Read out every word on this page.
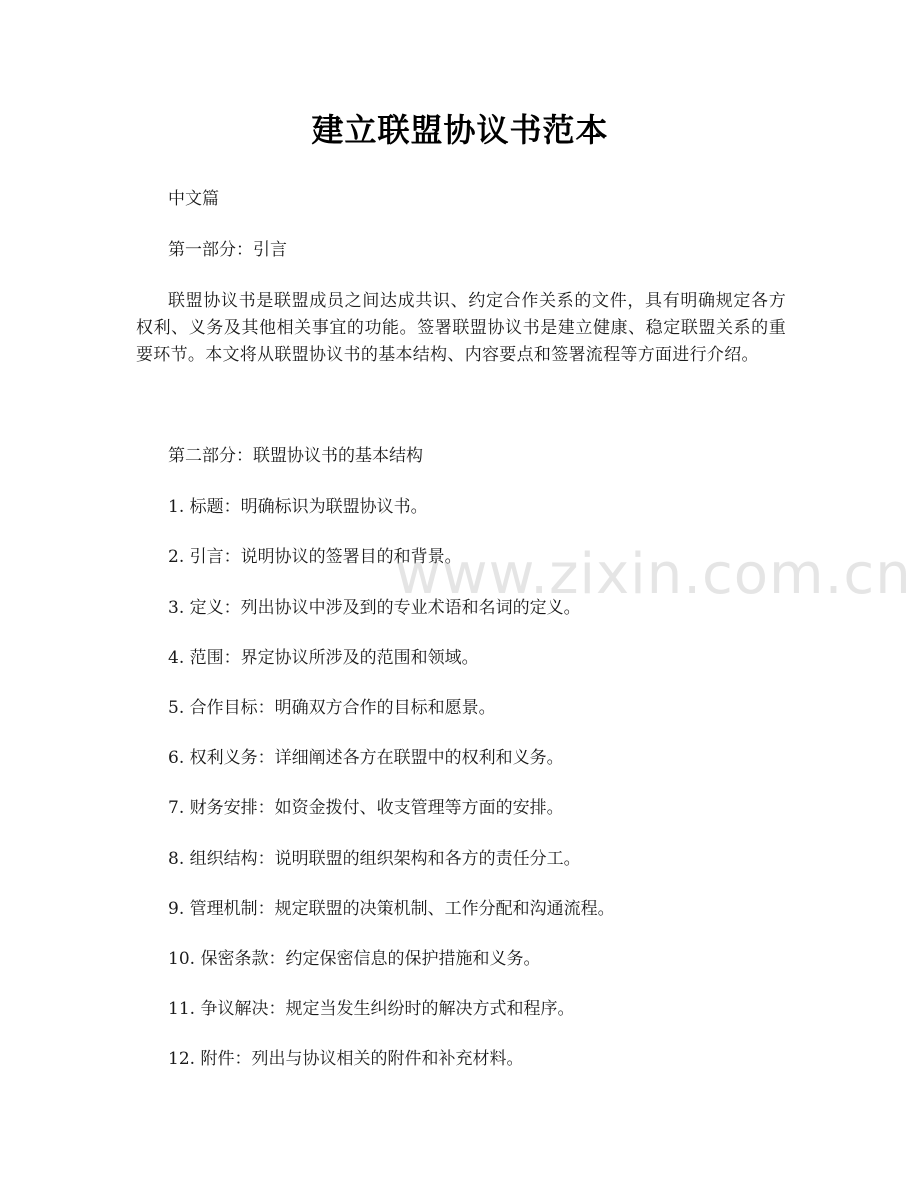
建立联盟协议书范本
中文篇
第一部分：引言
联盟协议书是联盟成员之间达成共识、约定合作关系的文件，具有明确规定各方权利、义务及其他相关事宜的功能。签署联盟协议书是建立健康、稳定联盟关系的重要环节。本文将从联盟协议书的基本结构、内容要点和签署流程等方面进行介绍。
第二部分：联盟协议书的基本结构
1. 标题：明确标识为联盟协议书。
2. 引言：说明协议的签署目的和背景。
3. 定义：列出协议中涉及到的专业术语和名词的定义。
4. 范围：界定协议所涉及的范围和领域。
5. 合作目标：明确双方合作的目标和愿景。
6. 权利义务：详细阐述各方在联盟中的权利和义务。
7. 财务安排：如资金拨付、收支管理等方面的安排。
8. 组织结构：说明联盟的组织架构和各方的责任分工。
9. 管理机制：规定联盟的决策机制、工作分配和沟通流程。
10. 保密条款：约定保密信息的保护措施和义务。
11. 争议解决：规定当发生纠纷时的解决方式和程序。
12. 附件：列出与协议相关的附件和补充材料。
www.zixin.com.cn
